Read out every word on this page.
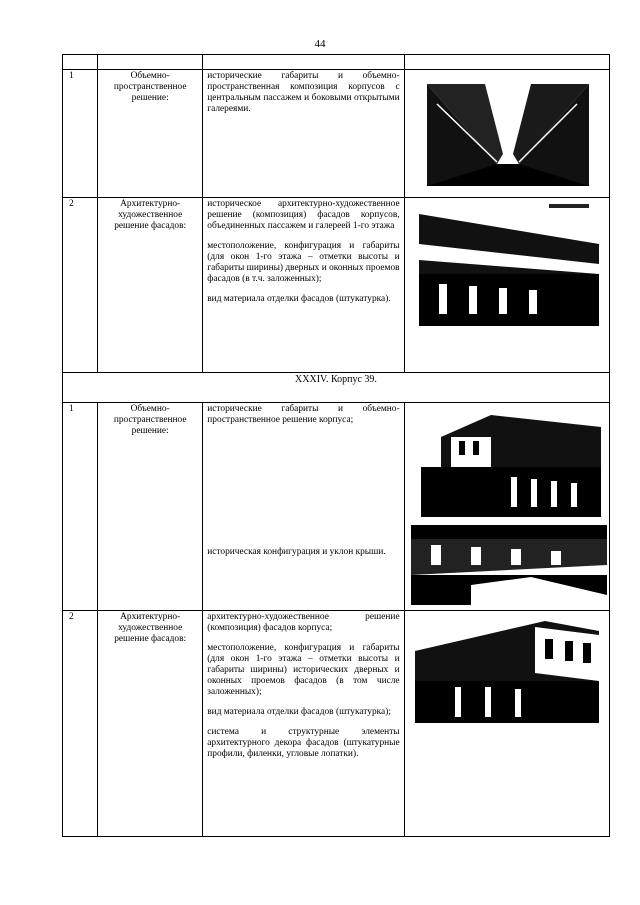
44

1	Объемно-пространственное решение:	исторические габариты и объемно-пространственная композиция корпусов с центральным пассажем и боковыми открытыми галереями.

2	Архитектурно-художественное решение фасадов:	историческое архитектурно-художественное решение (композиция) фасадов корпусов, объединенных пассажем и галереей 1-го этажа

местоположение, конфигурация и габариты (для окон 1-го этажа – отметки высоты и габариты ширины) дверных и оконных проемов фасадов (в т.ч. заложенных);

вид материала отделки фасадов (штукатурка).

XXXIV. Корпус 39.			
1	Объемно-пространственное решение:	исторические габариты и объемно-пространственное решение корпуса;

историческая конфигурация и уклон крыши.

2	Архитектурно-художественное решение фасадов:	архитектурно-художественное решение (композиция) фасадов корпуса;

местоположение, конфигурация и габариты (для окон 1-го этажа – отметки высоты и габариты ширины) исторических дверных и оконных проемов фасадов (в том числе заложенных);

вид материала отделки фасадов (штукатурка);

система и структурные элементы архитектурного декора фасадов (штукатурные профили, филенки, угловые лопатки).
